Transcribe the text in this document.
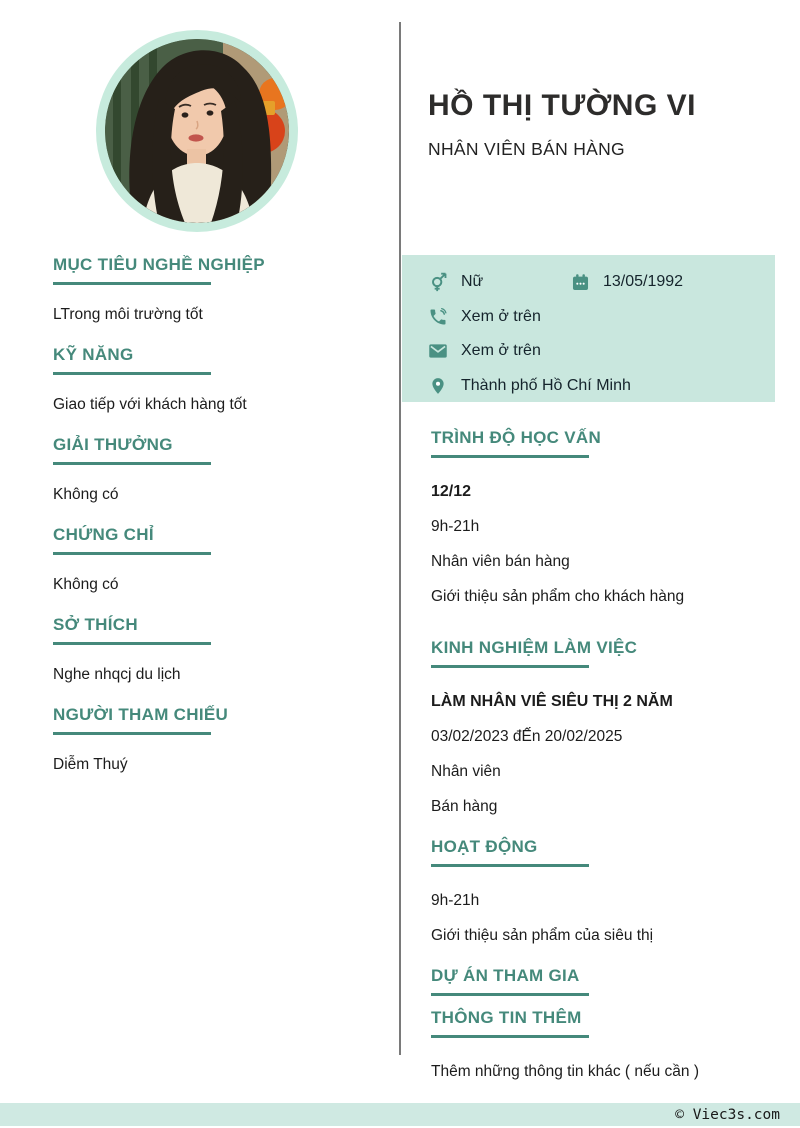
HỒ THỊ TƯỜNG VI
NHÂN VIÊN BÁN HÀNG
Nữ	13/05/1992
Xem ở trên
Xem ở trên
Thành phố Hồ Chí Minh
MỤC TIÊU NGHỀ NGHIỆP
LTrong môi trường tốt
KỸ NĂNG
Giao tiếp với khách hàng tốt
GIẢI THƯỞNG
Không có
CHỨNG CHỈ
Không có
SỞ THÍCH
Nghe nhqcj du lịch
NGƯỜI THAM CHIẾU
Diễm Thuý
TRÌNH ĐỘ HỌC VẤN

12/12

9h-21h

Nhân viên bán hàng

Giới thiệu sản phẩm cho khách hàng

KINH NGHIỆM LÀM VIỆC

LÀM NHÂN VIÊ SIÊU THỊ 2 NĂM

03/02/2023 đẾn 20/02/2025

Nhân viên

Bán hàng

HOẠT ĐỘNG

9h-21h

Giới thiệu sản phẩm của siêu thị

DỰ ÁN THAM GIA
THÔNG TIN THÊM

Thêm những thông tin khác ( nếu cần )

© Viec3s.com
